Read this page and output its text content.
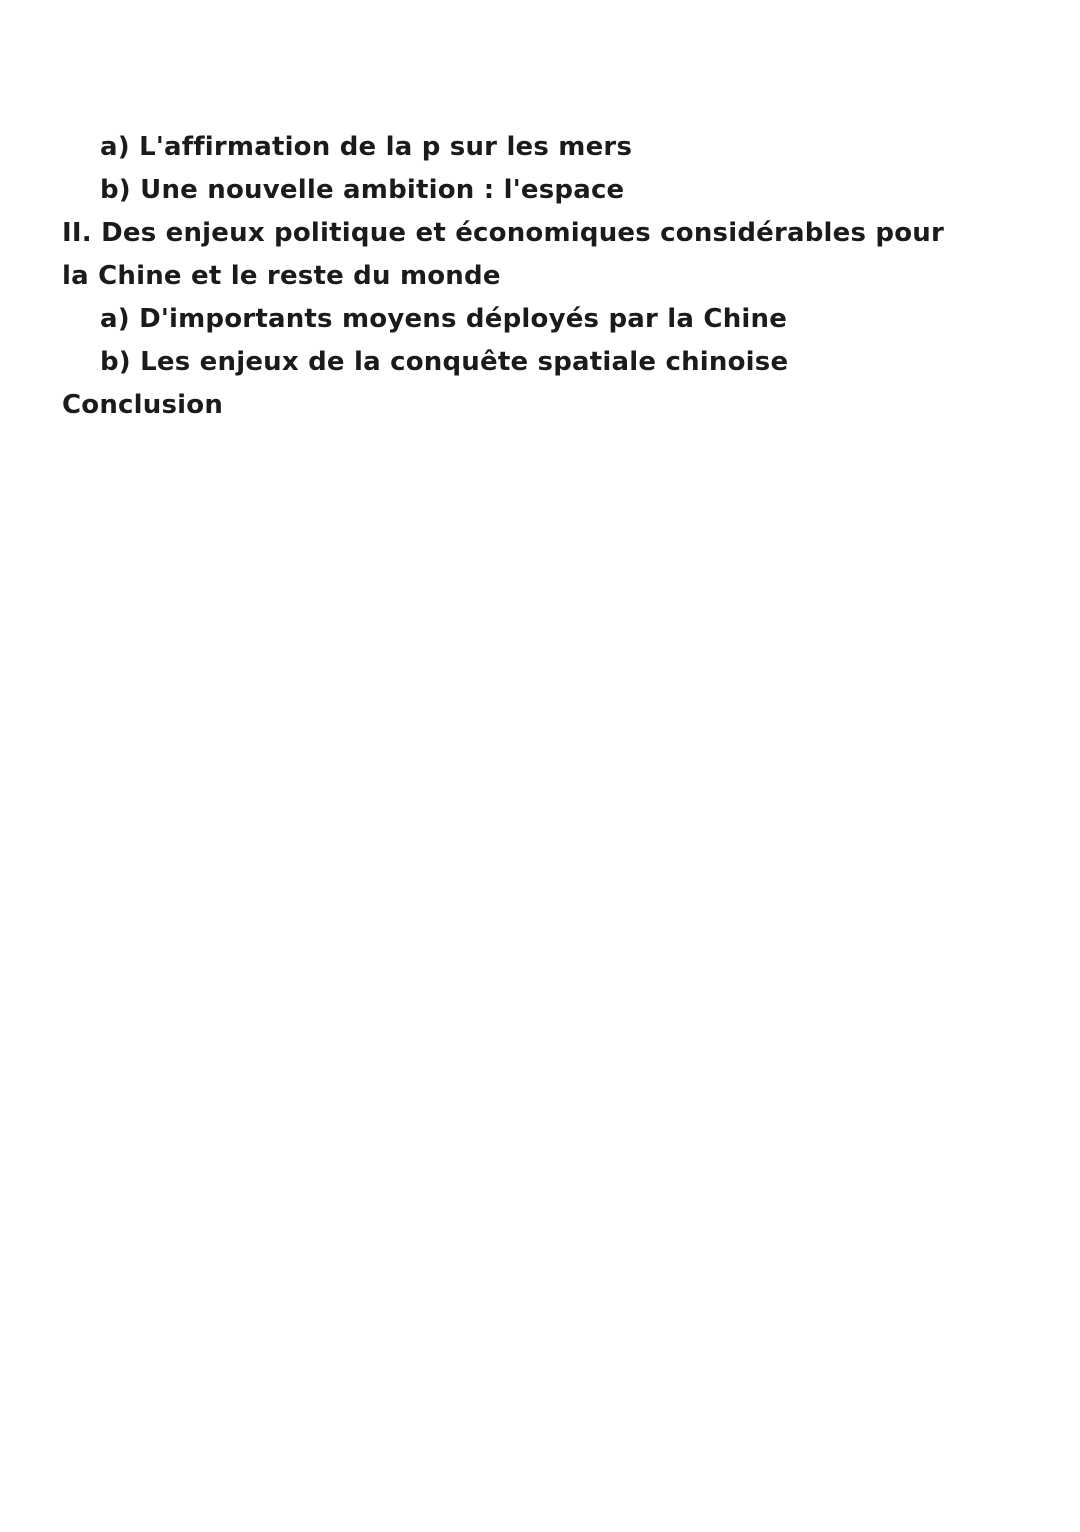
a) L'affirmation de la p sur les mers
b) Une nouvelle ambition : l'espace
II. Des enjeux politique et économiques considérables pour la Chine et le reste du monde
a) D'importants moyens déployés par la Chine
b) Les enjeux de la conquête spatiale chinoise
Conclusion
